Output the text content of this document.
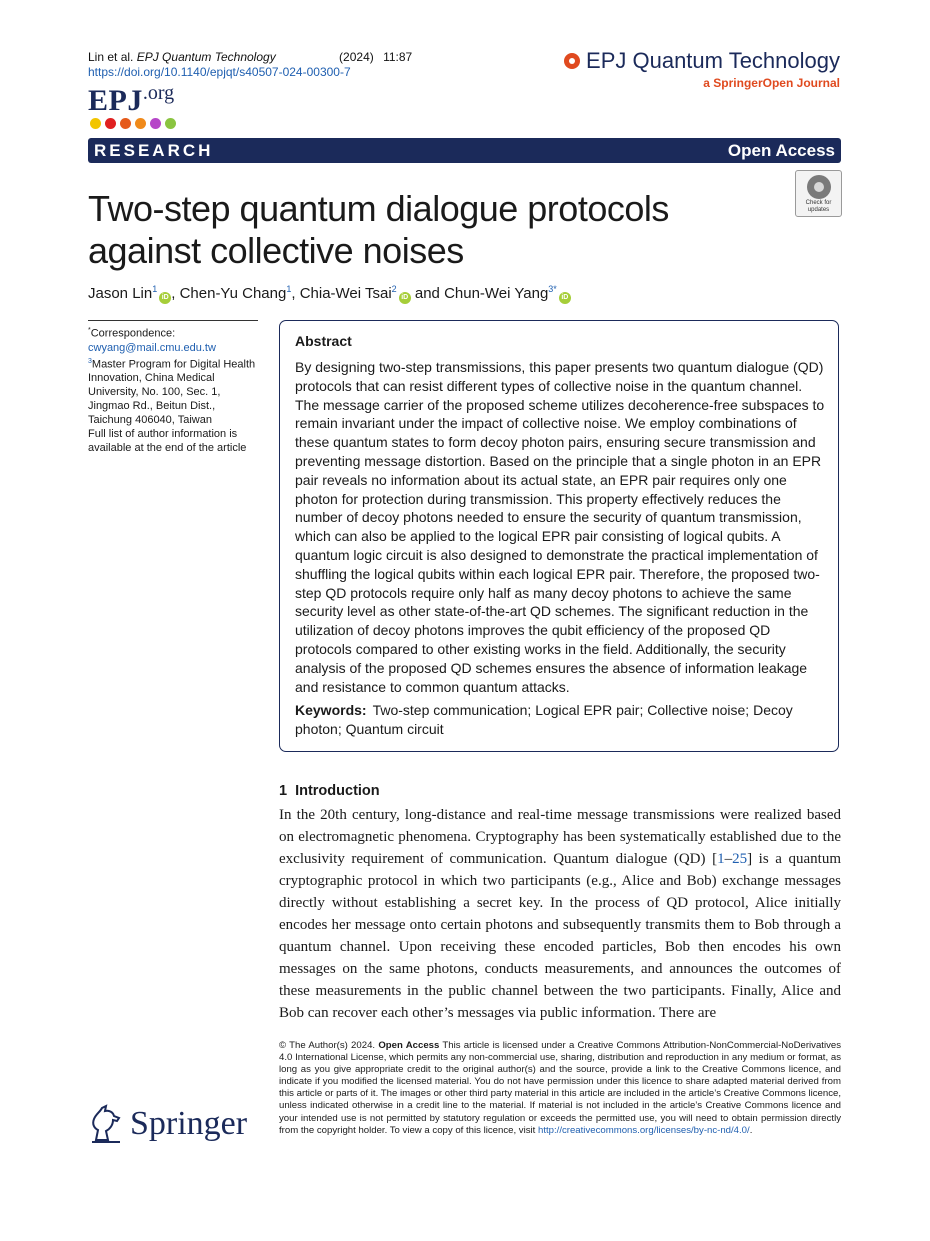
Lin et al. EPJ Quantum Technology	(2024) 11:87
https://doi.org/10.1140/epjqt/s40507-024-00300-7
EPJ.org
EPJ Quantum Technology
a SpringerOpen Journal
RESEARCH	Open Access
Two-step quantum dialogue protocols against collective noises
Check for
updates
Jason Lin$^1$iD , Chen-Yu Chang$^1$, Chia-Wei Tsai$^2$iD and Chun-Wei Yang$^{3*}$iD
*Correspondence:
cwyang@mail.cmu.edu.tw
$^3$Master Program for Digital Health Innovation, China Medical University, No. 100, Sec. 1, Jingmao Rd., Beitun Dist., Taichung 406040, Taiwan
Full list of author information is available at the end of the article
Abstract
By designing two-step transmissions, this paper presents two quantum dialogue (QD) protocols that can resist different types of collective noise in the quantum channel. The message carrier of the proposed scheme utilizes decoherence-free subspaces to remain invariant under the impact of collective noise. We employ combinations of these quantum states to form decoy photon pairs, ensuring secure transmission and preventing message distortion. Based on the principle that a single photon in an EPR pair reveals no information about its actual state, an EPR pair requires only one photon for protection during transmission. This property effectively reduces the number of decoy photons needed to ensure the security of quantum transmission, which can also be applied to the logical EPR pair consisting of logical qubits. A quantum logic circuit is also designed to demonstrate the practical implementation of shuffling the logical qubits within each logical EPR pair. Therefore, the proposed two-step QD protocols require only half as many decoy photons to achieve the same security level as other state-of-the-art QD schemes. The significant reduction in the utilization of decoy photons improves the qubit efficiency of the proposed QD protocols compared to other existing works in the field. Additionally, the security analysis of the proposed QD schemes ensures the absence of information leakage and resistance to common quantum attacks.
Keywords: Two-step communication; Logical EPR pair; Collective noise; Decoy photon; Quantum circuit
1 Introduction
In the 20th century, long-distance and real-time message transmissions were realized based on electromagnetic phenomena. Cryptography has been systematically established due to the exclusivity requirement of communication. Quantum dialogue (QD) [1–25] is a quantum cryptographic protocol in which two participants (e.g., Alice and Bob) exchange messages directly without establishing a secret key. In the process of QD protocol, Alice initially encodes her message onto certain photons and subsequently transmits them to Bob through a quantum channel. Upon receiving these encoded particles, Bob then encodes his own messages on the same photons, conducts measurements, and announces the outcomes of these measurements in the public channel between the two participants. Finally, Alice and Bob can recover each other’s messages via public information. There are
© The Author(s) 2024. Open Access This article is licensed under a Creative Commons Attribution-NonCommercial-NoDerivatives 4.0 International License, which permits any non-commercial use, sharing, distribution and reproduction in any medium or format, as long as you give appropriate credit to the original author(s) and the source, provide a link to the Creative Commons licence, and indicate if you modified the licensed material. You do not have permission under this licence to share adapted material derived from this article or parts of it. The images or other third party material in this article are included in the article’s Creative Commons licence, unless indicated otherwise in a credit line to the material. If material is not included in the article’s Creative Commons licence and your intended use is not permitted by statutory regulation or exceeds the permitted use, you will need to obtain permission directly from the copyright holder. To view a copy of this licence, visit http://creativecommons.org/licenses/by-nc-nd/4.0/.
Springer
